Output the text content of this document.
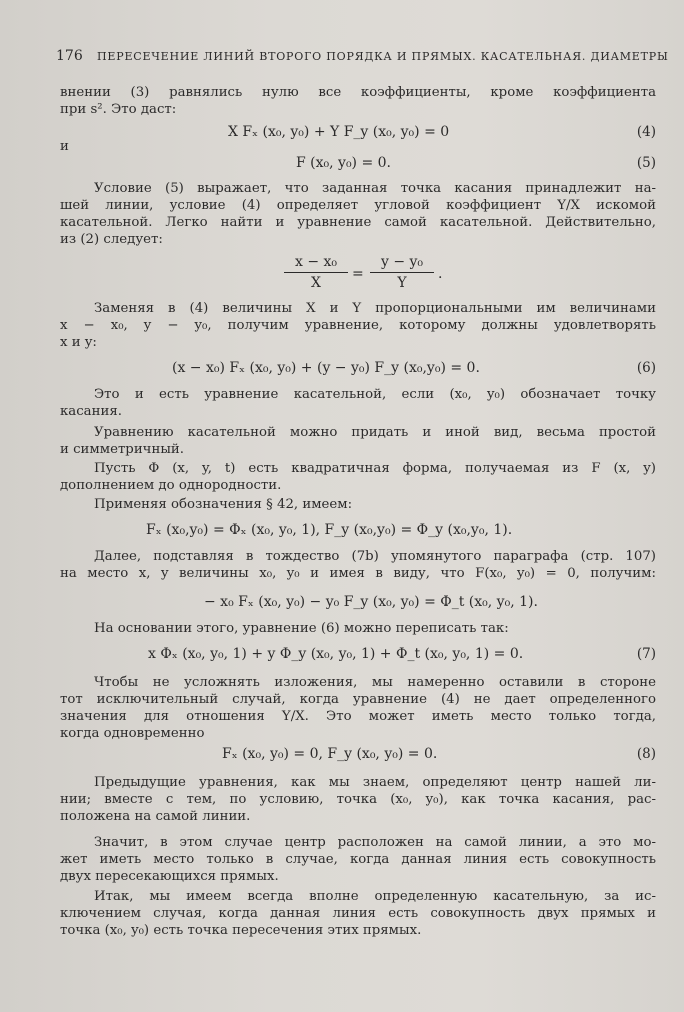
176 ПЕРЕСЕЧЕНИЕ ЛИНИЙ ВТОРОГО ПОРЯДКА И ПРЯМЫХ. КАСАТЕЛЬНАЯ. ДИАМЕТРЫ
внении (3) равнялись нулю все коэффициенты, кроме коэффициента
при s². Это даст:
X Fₓ (x₀, y₀) + Y F_y (x₀, y₀) = 0	(4)
и
F (x₀, y₀) = 0.	(5)
Условие (5) выражает, что заданная точка касания принадлежит на-
шей линии, условие (4) определяет угловой коэффициент Y/X искомой
касательной. Легко найти и уравнение самой касательной. Действительно,
из (2) следует:
x − x₀
X
=
y − y₀
Y
.
Заменяя в (4) величины X и Y пропорциональными им величинами
x − x₀, y − y₀, получим уравнение, которому должны удовлетворять
x и y:
(x − x₀) Fₓ (x₀, y₀) + (y − y₀) F_y (x₀,y₀) = 0.	(6)
Это и есть уравнение касательной, если (x₀, y₀) обозначает точку
касания.
Уравнению касательной можно придать и иной вид, весьма простой
и симметричный.
Пусть Φ (x, y, t) есть квадратичная форма, получаемая из F (x, y)
дополнением до однородности.
Применяя обозначения § 42, имеем:
Fₓ (x₀,y₀) = Φₓ (x₀, y₀, 1), F_y (x₀,y₀) = Φ_y (x₀,y₀, 1).
Далее, подставляя в тождество (7b) упомянутого параграфа (стр. 107)
на место x, y величины x₀, y₀ и имея в виду, что F(x₀, y₀) = 0, получим:
− x₀ Fₓ (x₀, y₀) − y₀ F_y (x₀, y₀) = Φ_t (x₀, y₀, 1).
На основании этого, уравнение (6) можно переписать так:
x Φₓ (x₀, y₀, 1) + y Φ_y (x₀, y₀, 1) + Φ_t (x₀, y₀, 1) = 0.	(7)
Чтобы не усложнять изложения, мы намеренно оставили в стороне
тот исключительный случай, когда уравнение (4) не дает определенного
значения для отношения Y/X. Это может иметь место только тогда,
когда одновременно
Fₓ (x₀, y₀) = 0, F_y (x₀, y₀) = 0.	(8)
Предыдущие уравнения, как мы знаем, определяют центр нашей ли-
нии; вместе с тем, по условию, точка (x₀, y₀), как точка касания, рас-
положена на самой линии.
Значит, в этом случае центр расположен на самой линии, а это мо-
жет иметь место только в случае, когда данная линия есть совокупность
двух пересекающихся прямых.
Итак, мы имеем всегда вполне определенную касательную, за ис-
ключением случая, когда данная линия есть совокупность двух прямых и
точка (x₀, y₀) есть точка пересечения этих прямых.
